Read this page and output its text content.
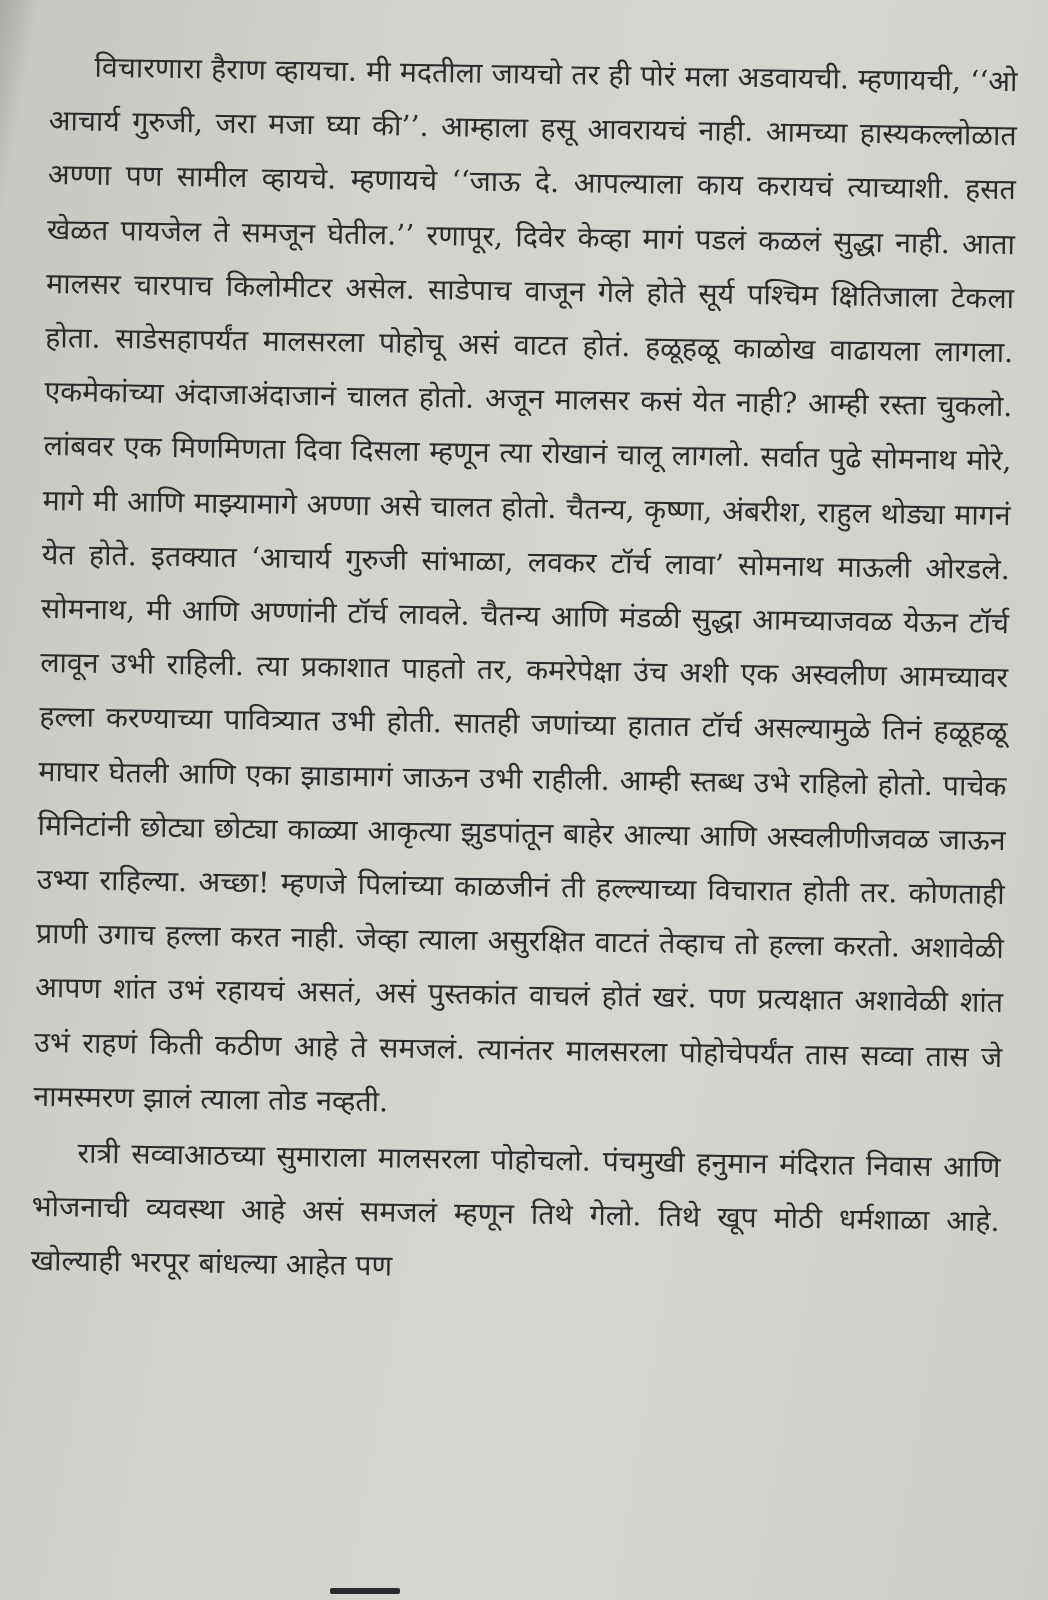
विचारणारा हैराण व्हायचा. मी मदतीला जायचो तर ही पोरं मला अडवायची. म्हणायची, ‘‘ओ आचार्य गुरुजी, जरा मजा घ्या की’’. आम्हाला हसू आवरायचं नाही. आमच्या हास्यकल्लोळात अण्णा पण सामील व्हायचे. म्हणायचे ‘‘जाऊ दे. आपल्याला काय करायचं त्याच्याशी. हसत खेळत पायजेल ते समजून घेतील.’’ रणापूर, दिवेर केव्हा मागं पडलं कळलं सुद्धा नाही. आता मालसर चारपाच किलोमीटर असेल. साडेपाच वाजून गेले होते सूर्य पश्चिम क्षितिजाला टेकला होता. साडेसहापर्यंत मालसरला पोहोचू असं वाटत होतं. हळूहळू काळोख वाढायला लागला. एकमेकांच्या अंदाजाअंदाजानं चालत होतो. अजून मालसर कसं येत नाही? आम्ही रस्ता चुकलो. लांबवर एक मिणमिणता दिवा दिसला म्हणून त्या रोखानं चालू लागलो. सर्वात पुढे सोमनाथ मोरे, मागे मी आणि माझ्यामागे अण्णा असे चालत होतो. चैतन्य, कृष्णा, अंबरीश, राहुल थोड्या मागनं येत होते. इतक्यात ‘आचार्य गुरुजी सांभाळा, लवकर टॉर्च लावा’ सोमनाथ माऊली ओरडले. सोमनाथ, मी आणि अण्णांनी टॉर्च लावले. चैतन्य आणि मंडळी सुद्धा आमच्याजवळ येऊन टॉर्च लावून उभी राहिली. त्या प्रकाशात पाहतो तर, कमरेपेक्षा उंच अशी एक अस्वलीण आमच्यावर हल्ला करण्याच्या पावित्र्यात उभी होती. सातही जणांच्या हातात टॉर्च असल्यामुळे तिनं हळूहळू माघार घेतली आणि एका झाडामागं जाऊन उभी राहीली. आम्ही स्तब्ध उभे राहिलो होतो. पाचेक मिनिटांनी छोट्या छोट्या काळ्या आकृत्या झुडपांतून बाहेर आल्या आणि अस्वलीणीजवळ जाऊन उभ्या राहिल्या. अच्छा! म्हणजे पिलांच्या काळजीनं ती हल्ल्याच्या विचारात होती तर. कोणताही प्राणी उगाच हल्ला करत नाही. जेव्हा त्याला असुरक्षित वाटतं तेव्हाच तो हल्ला करतो. अशावेळी आपण शांत उभं रहायचं असतं, असं पुस्तकांत वाचलं होतं खरं. पण प्रत्यक्षात अशावेळी शांत उभं राहणं किती कठीण आहे ते समजलं. त्यानंतर मालसरला पोहोचेपर्यंत तास सव्वा तास जे नामस्मरण झालं त्याला तोड नव्हती.

रात्री सव्वाआठच्या सुमाराला मालसरला पोहोचलो. पंचमुखी हनुमान मंदिरात निवास आणि भोजनाची व्यवस्था आहे असं समजलं म्हणून तिथे गेलो. तिथे खूप मोठी धर्मशाळा आहे. खोल्याही भरपूर बांधल्या आहेत पण
